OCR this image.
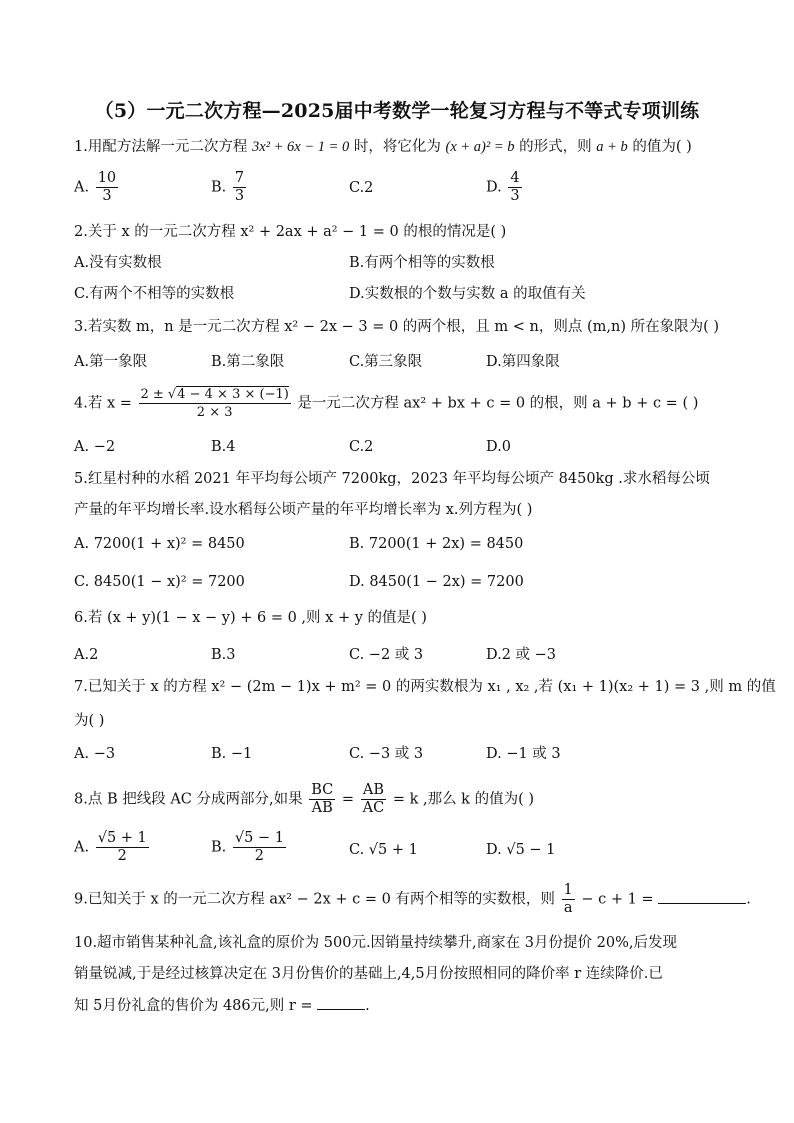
（5）一元二次方程—2025届中考数学一轮复习方程与不等式专项训练
1.用配方法解一元二次方程 3x² + 6x − 1 = 0 时，将它化为 (x + a)² = b 的形式，则 a + b 的值为( )
A. $\frac{10}{3}$	B. $\frac{7}{3}$	C.2	D. $\frac{4}{3}$
2.关于 x 的一元二次方程 x² + 2ax + a² − 1 = 0 的根的情况是( )
A.没有实数根	B.有两个相等的实数根
C.有两个不相等的实数根	D.实数根的个数与实数 a 的取值有关
3.若实数 m，n 是一元二次方程 x² − 2x − 3 = 0 的两个根，且 m < n，则点 (m,n) 所在象限为( )
A.第一象限	B.第二象限	C.第三象限	D.第四象限
4.若 $x = \frac{2 \pm √4 - 4 \times 3 \times (-1)}{2 \times 3}$ 是一元二次方程 ax² + bx + c = 0 的根，则 a + b + c = ( )
A. −2	B.4	C.2	D.0
5.红星村种的水稻 2021 年平均每公顷产 7200kg，2023 年平均每公顷产 8450kg .求水稻每公顷
产量的年平均增长率.设水稻每公顷产量的年平均增长率为 x.列方程为( )
A. 7200(1 + x)² = 8450	B. 7200(1 + 2x) = 8450
C. 8450(1 − x)² = 7200	D. 8450(1 − 2x) = 7200
6.若 (x + y)(1 − x − y) + 6 = 0 ,则 x + y 的值是( )
A.2	B.3	C. −2 或 3	D.2 或 −3
7.已知关于 x 的方程 x² − (2m − 1)x + m² = 0 的两实数根为 x₁ , x₂ ,若 (x₁ + 1)(x₂ + 1) = 3 ,则 m 的值
为( )
A. −3	B. −1	C. −3 或 3	D. −1 或 3
8.点 B 把线段 AC 分成两部分,如果 $\frac{BC}{AB} = \frac{AB}{AC} = k$ ,那么 k 的值为( )
A. $\frac{√5 + 1}{2}$	B. $\frac{√5 - 1}{2}$	C. √5 + 1	D. √5 − 1
9.已知关于 x 的一元二次方程 ax² − 2x + c = 0 有两个相等的实数根，则 $\frac{1}{a} - c + 1$ =	.
10.超市销售某种礼盒,该礼盒的原价为 500元.因销量持续攀升,商家在 3月份提价 20%,后发现
销量锐减,于是经过核算决定在 3月份售价的基础上,4,5月份按照相同的降价率 r 连续降价.已
知 5月份礼盒的售价为 486元,则 r =	.
